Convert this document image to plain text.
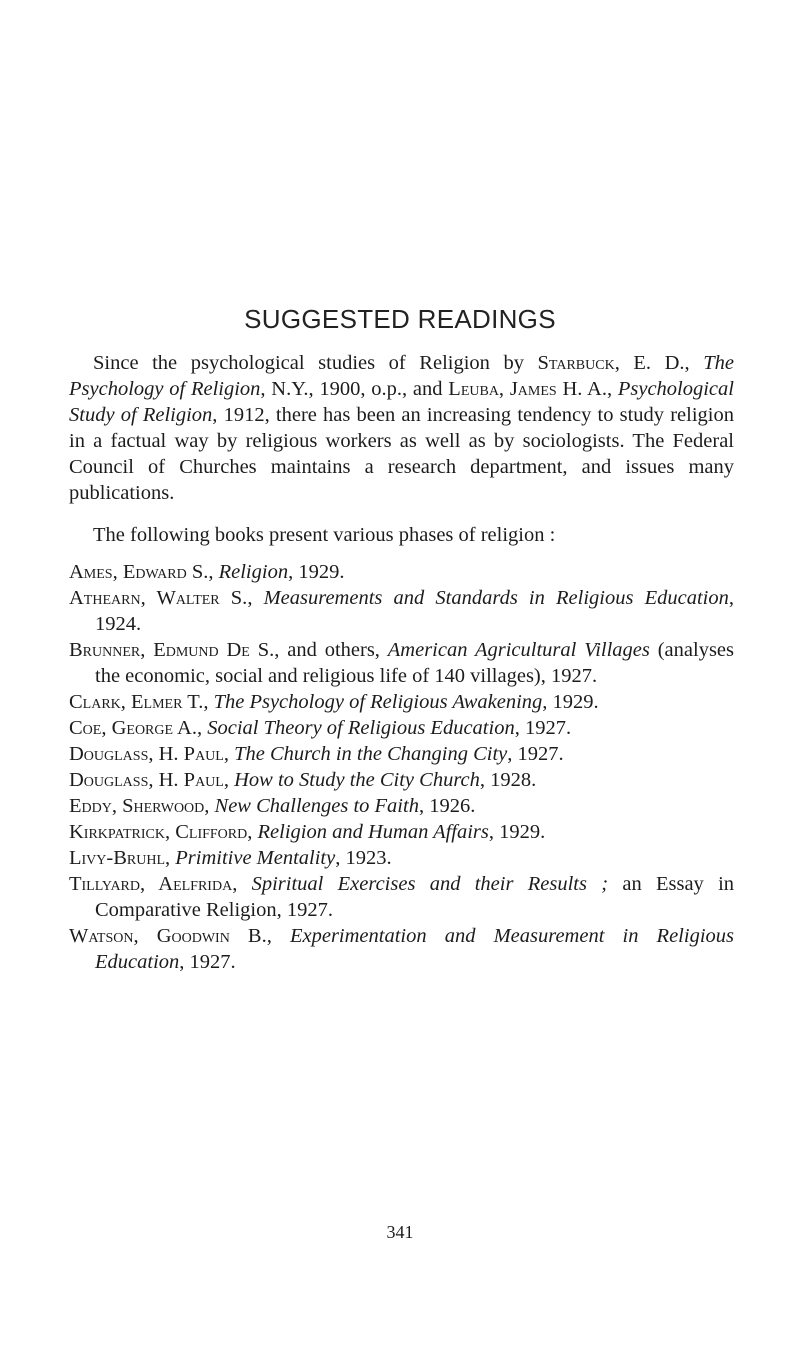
SUGGESTED READINGS

Since the psychological studies of Religion by Starbuck, E. D., The Psychology of Religion, N.Y., 1900, o.p., and Leuba, James H. A., Psychological Study of Religion, 1912, there has been an increasing tendency to study religion in a factual way by religious workers as well as by sociologists. The Federal Council of Churches maintains a research department, and issues many publications.

The following books present various phases of religion :

Ames, Edward S., Religion, 1929.
Athearn, Walter S., Measurements and Standards in Religious Education, 1924.
Brunner, Edmund De S., and others, American Agricultural Villages (analyses the economic, social and religious life of 140 villages), 1927.
Clark, Elmer T., The Psychology of Religious Awakening, 1929.
Coe, George A., Social Theory of Religious Education, 1927.
Douglass, H. Paul, The Church in the Changing City, 1927.
Douglass, H. Paul, How to Study the City Church, 1928.
Eddy, Sherwood, New Challenges to Faith, 1926.
Kirkpatrick, Clifford, Religion and Human Affairs, 1929.
Livy-Bruhl, Primitive Mentality, 1923.
Tillyard, Aelfrida, Spiritual Exercises and their Results ; an Essay in Comparative Religion, 1927.
Watson, Goodwin B., Experimentation and Measurement in Religious Education, 1927.
341
